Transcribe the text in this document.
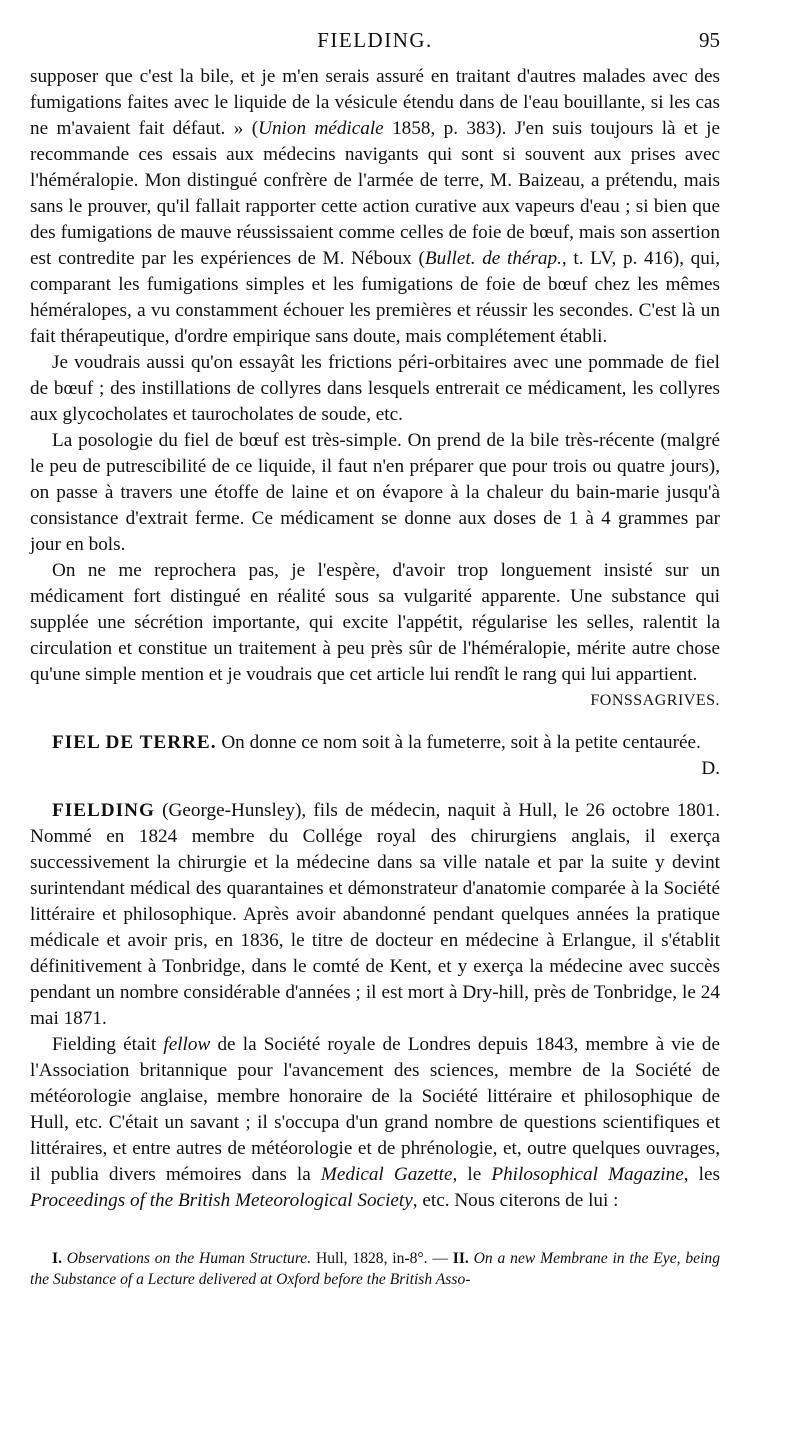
FIELDING.	95

supposer que c'est la bile, et je m'en serais assuré en traitant d'autres malades avec des fumigations faites avec le liquide de la vésicule étendu dans de l'eau bouillante, si les cas ne m'avaient fait défaut. » (Union médicale 1858, p. 383). J'en suis toujours là et je recommande ces essais aux médecins navigants qui sont si souvent aux prises avec l'héméralopie. Mon distingué confrère de l'armée de terre, M. Baizeau, a prétendu, mais sans le prouver, qu'il fallait rapporter cette action curative aux vapeurs d'eau ; si bien que des fumigations de mauve réussissaient comme celles de foie de bœuf, mais son assertion est contredite par les expériences de M. Néboux (Bullet. de thérap., t. LV, p. 416), qui, comparant les fumigations simples et les fumigations de foie de bœuf chez les mêmes héméralopes, a vu constamment échouer les premières et réussir les secondes. C'est là un fait thérapeutique, d'ordre empirique sans doute, mais complétement établi.

Je voudrais aussi qu'on essayât les frictions péri-orbitaires avec une pommade de fiel de bœuf ; des instillations de collyres dans lesquels entrerait ce médicament, les collyres aux glycocholates et taurocholates de soude, etc.

La posologie du fiel de bœuf est très-simple. On prend de la bile très-récente (malgré le peu de putrescibilité de ce liquide, il faut n'en préparer que pour trois ou quatre jours), on passe à travers une étoffe de laine et on évapore à la chaleur du bain-marie jusqu'à consistance d'extrait ferme. Ce médicament se donne aux doses de 1 à 4 grammes par jour en bols.

On ne me reprochera pas, je l'espère, d'avoir trop longuement insisté sur un médicament fort distingué en réalité sous sa vulgarité apparente. Une substance qui supplée une sécrétion importante, qui excite l'appétit, régularise les selles, ralentit la circulation et constitue un traitement à peu près sûr de l'héméralopie, mérite autre chose qu'une simple mention et je voudrais que cet article lui rendît le rang qui lui appartient.
FONSSAGRIVES.

FIEL DE TERRE. On donne ce nom soit à la fumeterre, soit à la petite centaurée.
D.

FIELDING (George-Hunsley), fils de médecin, naquit à Hull, le 26 octobre 1801. Nommé en 1824 membre du Collége royal des chirurgiens anglais, il exerça successivement la chirurgie et la médecine dans sa ville natale et par la suite y devint surintendant médical des quarantaines et démonstrateur d'anatomie comparée à la Société littéraire et philosophique. Après avoir abandonné pendant quelques années la pratique médicale et avoir pris, en 1836, le titre de docteur en médecine à Erlangue, il s'établit définitivement à Tonbridge, dans le comté de Kent, et y exerça la médecine avec succès pendant un nombre considérable d'années ; il est mort à Dry-hill, près de Tonbridge, le 24 mai 1871.

Fielding était fellow de la Société royale de Londres depuis 1843, membre à vie de l'Association britannique pour l'avancement des sciences, membre de la Société de météorologie anglaise, membre honoraire de la Société littéraire et philosophique de Hull, etc. C'était un savant ; il s'occupa d'un grand nombre de questions scientifiques et littéraires, et entre autres de météorologie et de phrénologie, et, outre quelques ouvrages, il publia divers mémoires dans la Medical Gazette, le Philosophical Magazine, les Proceedings of the British Meteorological Society, etc. Nous citerons de lui :

I. Observations on the Human Structure. Hull, 1828, in-8°. — II. On a new Membrane in the Eye, being the Substance of a Lecture delivered at Oxford before the British Asso-
